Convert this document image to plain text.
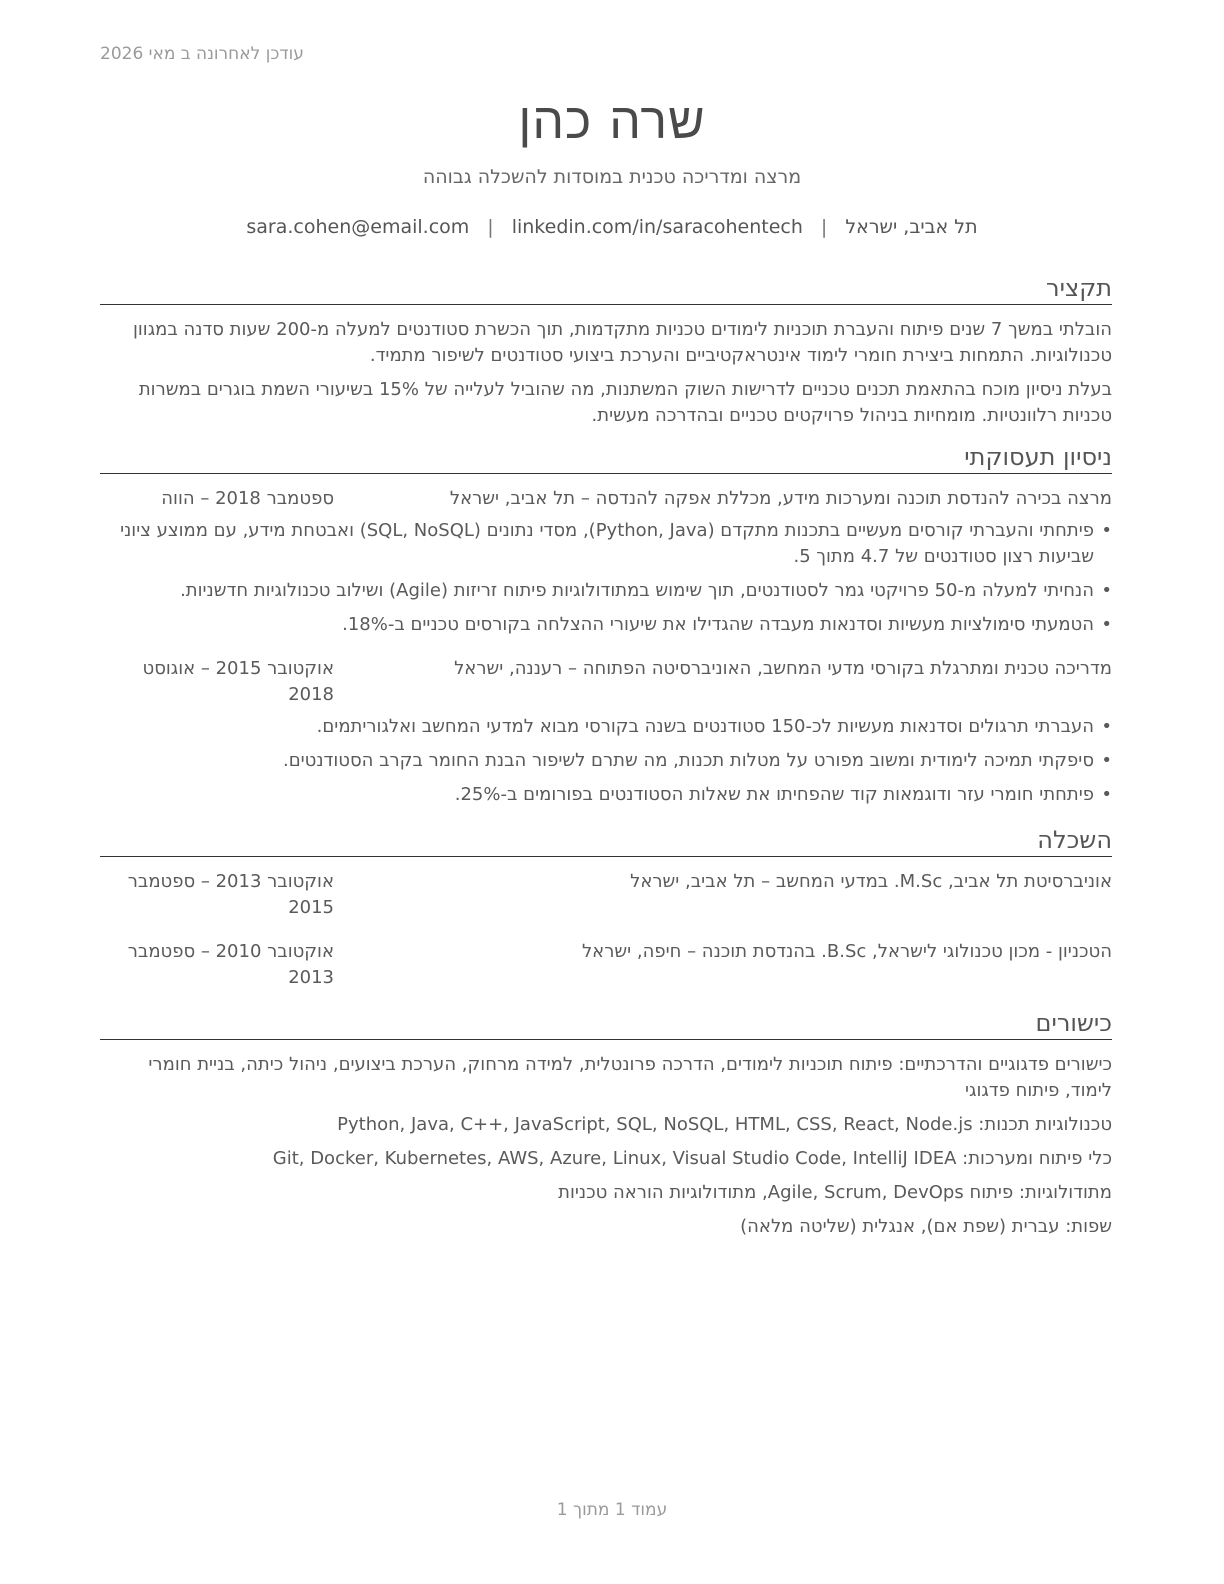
עודכן לאחרונה ב מאי 2026
שרה כהן
מרצה ומדריכה טכנית במוסדות להשכלה גבוהה
תל אביב, ישראל|sara.cohen@email.com | linkedin.com/in/saracohentech
תקציר

הובלתי במשך 7 שנים פיתוח והעברת תוכניות לימודים טכניות מתקדמות, תוך הכשרת סטודנטים למעלה מ-200 שעות סדנה במגוון טכנולוגיות. התמחות ביצירת חומרי לימוד אינטראקטיביים והערכת ביצועי סטודנטים לשיפור מתמיד.

בעלת ניסיון מוכח בהתאמת תכנים טכניים לדרישות השוק המשתנות, מה שהוביל לעלייה של 15% בשיעורי השמת בוגרים במשרות טכניות רלוונטיות. מומחיות בניהול פרויקטים טכניים ובהדרכה מעשית.

ניסיון תעסוקתי
מרצה בכירה להנדסת תוכנה ומערכות מידע, מכללת אפקה להנדסה – תל אביב, ישראל
ספטמבר 2018 – הווה
• פיתחתי והעברתי קורסים מעשיים בתכנות מתקדם (Python, Java), מסדי נתונים (SQL, NoSQL) ואבטחת מידע, עם ממוצע ציוני שביעות רצון סטודנטים של 4.7 מתוך 5.
• הנחיתי למעלה מ-50 פרויקטי גמר לסטודנטים, תוך שימוש במתודולוגיות פיתוח זריזות (Agile) ושילוב טכנולוגיות חדשניות.
• הטמעתי סימולציות מעשיות וסדנאות מעבדה שהגדילו את שיעורי ההצלחה בקורסים טכניים ב-18%.
מדריכה טכנית ומתרגלת בקורסי מדעי המחשב, האוניברסיטה הפתוחה – רעננה, ישראל
אוקטובר 2015 – אוגוסט 2018
• העברתי תרגולים וסדנאות מעשיות לכ-150 סטודנטים בשנה בקורסי מבוא למדעי המחשב ואלגוריתמים.
• סיפקתי תמיכה לימודית ומשוב מפורט על מטלות תכנות, מה שתרם לשיפור הבנת החומר בקרב הסטודנטים.
• פיתחתי חומרי עזר ודוגמאות קוד שהפחיתו את שאלות הסטודנטים בפורומים ב-25%.
השכלה
אוניברסיטת תל אביב, M.Sc. במדעי המחשב – תל אביב, ישראל
אוקטובר 2013 – ספטמבר 2015
הטכניון - מכון טכנולוגי לישראל, B.Sc. בהנדסת תוכנה – חיפה, ישראל
אוקטובר 2010 – ספטמבר 2013
כישורים
כישורים פדגוגיים והדרכתיים: פיתוח תוכניות לימודים, הדרכה פרונטלית, למידה מרחוק, הערכת ביצועים, ניהול כיתה, בניית חומרי לימוד, פיתוח פדגוגי
טכנולוגיות תכנות: Python, Java, C++, JavaScript, SQL, NoSQL, HTML, CSS, React, Node.js
כלי פיתוח ומערכות: Git, Docker, Kubernetes, AWS, Azure, Linux, Visual Studio Code, IntelliJ IDEA
מתודולוגיות: פיתוח Agile, Scrum, DevOps, מתודולוגיות הוראה טכניות
שפות: עברית (שפת אם), אנגלית (שליטה מלאה)
עמוד 1 מתוך 1
